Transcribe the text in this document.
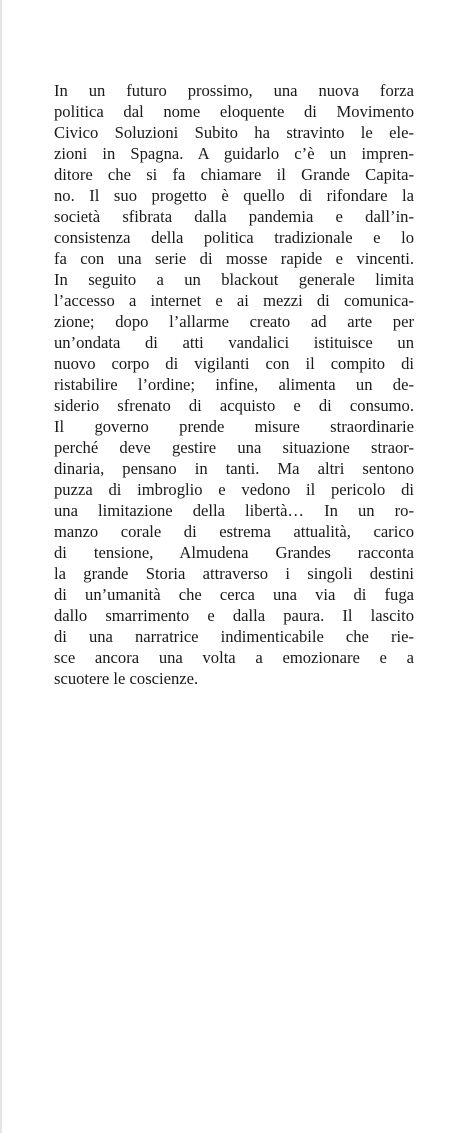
In un futuro prossimo, una nuova forza
politica dal nome eloquente di Movimento
Civico Soluzioni Subito ha stravinto le ele-
zioni in Spagna. A guidarlo c’è un impren-
ditore che si fa chiamare il Grande Capita-
no. Il suo progetto è quello di rifondare la
società sfibrata dalla pandemia e dall’in-
consistenza della politica tradizionale e lo
fa con una serie di mosse rapide e vincenti.
In seguito a un blackout generale limita
l’accesso a internet e ai mezzi di comunica-
zione; dopo l’allarme creato ad arte per
un’ondata di atti vandalici istituisce un
nuovo corpo di vigilanti con il compito di
ristabilire l’ordine; infine, alimenta un de-
siderio sfrenato di acquisto e di consumo.
Il governo prende misure straordinarie
perché deve gestire una situazione straor-
dinaria, pensano in tanti. Ma altri sentono
puzza di imbroglio e vedono il pericolo di
una limitazione della libertà… In un ro-
manzo corale di estrema attualità, carico
di tensione, Almudena Grandes racconta
la grande Storia attraverso i singoli destini
di un’umanità che cerca una via di fuga
dallo smarrimento e dalla paura. Il lascito
di una narratrice indimenticabile che rie-
sce ancora una volta a emozionare e a
scuotere le coscienze.
